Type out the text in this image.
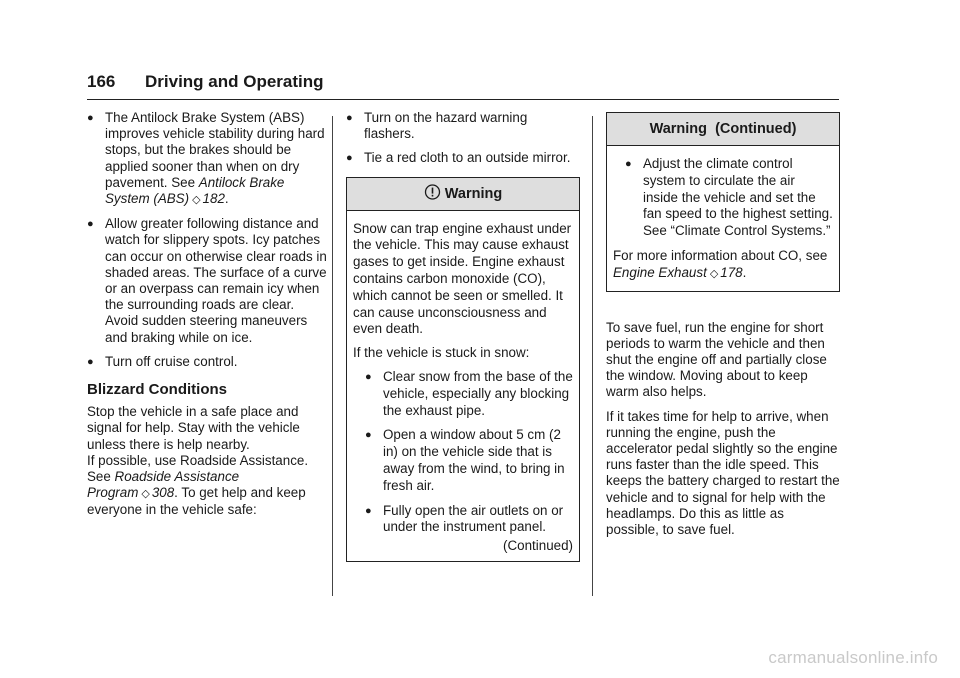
166 Driving and Operating
● The Antilock Brake System (ABS) improves vehicle stability during hard stops, but the brakes should be applied sooner than when on dry pavement. See Antilock Brake System (ABS) ◇ 182.
● Allow greater following distance and watch for slippery spots. Icy patches can occur on otherwise clear roads in shaded areas. The surface of a curve or an overpass can remain icy when the surrounding roads are clear. Avoid sudden steering maneuvers and braking while on ice.
● Turn off cruise control.
Blizzard Conditions

Stop the vehicle in a safe place and signal for help. Stay with the vehicle unless there is help nearby.

If possible, use Roadside Assistance. See Roadside Assistance Program ◇ 308. To get help and keep everyone in the vehicle safe:

● Turn on the hazard warning flashers.
● Tie a red cloth to an outside mirror.
Warning

Snow can trap engine exhaust under the vehicle. This may cause exhaust gases to get inside. Engine exhaust contains carbon monoxide (CO), which cannot be seen or smelled. It can cause unconsciousness and even death.

If the vehicle is stuck in snow:

● Clear snow from the base of the vehicle, especially any blocking the exhaust pipe.
● Open a window about 5 cm (2 in) on the vehicle side that is away from the wind, to bring in fresh air.
● Fully open the air outlets on or under the instrument panel.
(Continued)
Warning  (Continued)
● Adjust the climate control system to circulate the air inside the vehicle and set the fan speed to the highest setting. See “Climate Control Systems.”

For more information about CO, see Engine Exhaust ◇ 178.

To save fuel, run the engine for short periods to warm the vehicle and then shut the engine off and partially close the window. Moving about to keep warm also helps.

If it takes time for help to arrive, when running the engine, push the accelerator pedal slightly so the engine runs faster than the idle speed. This keeps the battery charged to restart the vehicle and to signal for help with the headlamps. Do this as little as possible, to save fuel.

carmanualsonline.info
